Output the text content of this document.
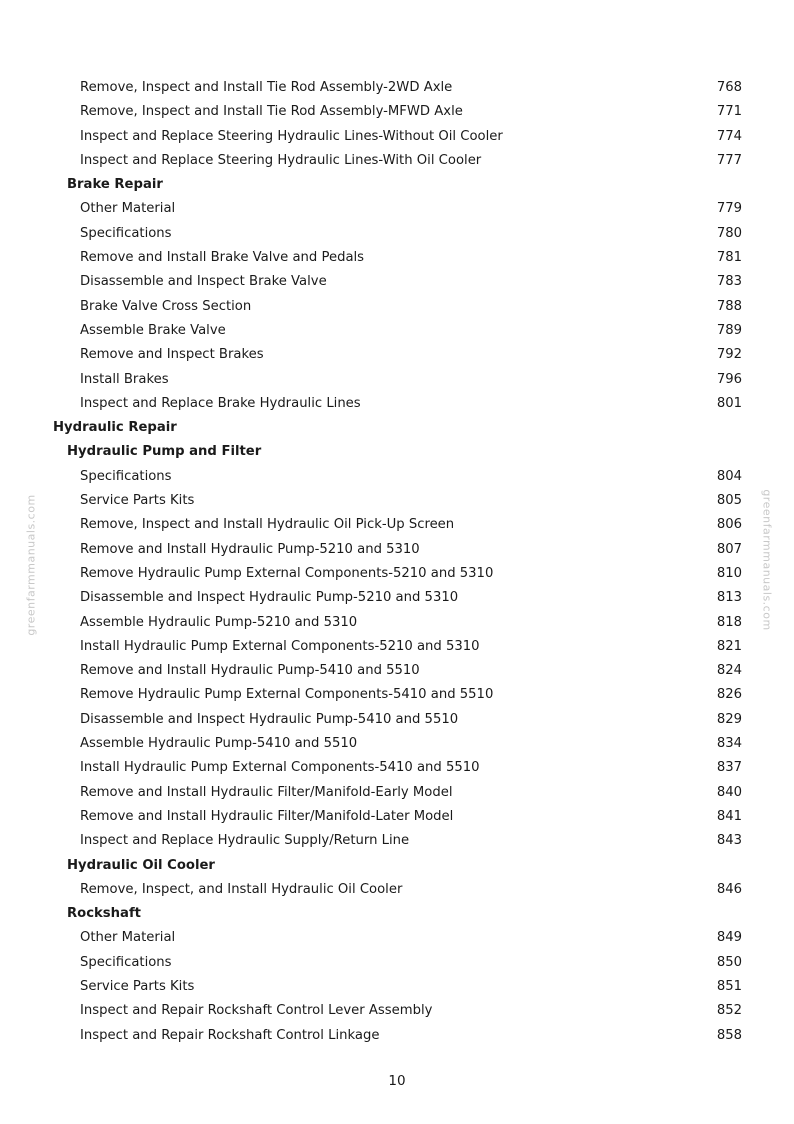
greenfarmmanuals.com	greenfarmmanuals.com
Remove, Inspect and Install Tie Rod Assembly-2WD Axle	768
Remove, Inspect and Install Tie Rod Assembly-MFWD Axle	771
Inspect and Replace Steering Hydraulic Lines-Without Oil Cooler	774
Inspect and Replace Steering Hydraulic Lines-With Oil Cooler	777
Brake Repair
Other Material	779
Specifications	780
Remove and Install Brake Valve and Pedals	781
Disassemble and Inspect Brake Valve	783
Brake Valve Cross Section	788
Assemble Brake Valve	789
Remove and Inspect Brakes	792
Install Brakes	796
Inspect and Replace Brake Hydraulic Lines	801
Hydraulic Repair
Hydraulic Pump and Filter
Specifications	804
Service Parts Kits	805
Remove, Inspect and Install Hydraulic Oil Pick-Up Screen	806
Remove and Install Hydraulic Pump-5210 and 5310	807
Remove Hydraulic Pump External Components-5210 and 5310	810
Disassemble and Inspect Hydraulic Pump-5210 and 5310	813
Assemble Hydraulic Pump-5210 and 5310	818
Install Hydraulic Pump External Components-5210 and 5310	821
Remove and Install Hydraulic Pump-5410 and 5510	824
Remove Hydraulic Pump External Components-5410 and 5510	826
Disassemble and Inspect Hydraulic Pump-5410 and 5510	829
Assemble Hydraulic Pump-5410 and 5510	834
Install Hydraulic Pump External Components-5410 and 5510	837
Remove and Install Hydraulic Filter/Manifold-Early Model	840
Remove and Install Hydraulic Filter/Manifold-Later Model	841
Inspect and Replace Hydraulic Supply/Return Line	843
Hydraulic Oil Cooler
Remove, Inspect, and Install Hydraulic Oil Cooler	846
Rockshaft
Other Material	849
Specifications	850
Service Parts Kits	851
Inspect and Repair Rockshaft Control Lever Assembly	852
Inspect and Repair Rockshaft Control Linkage	858
10
